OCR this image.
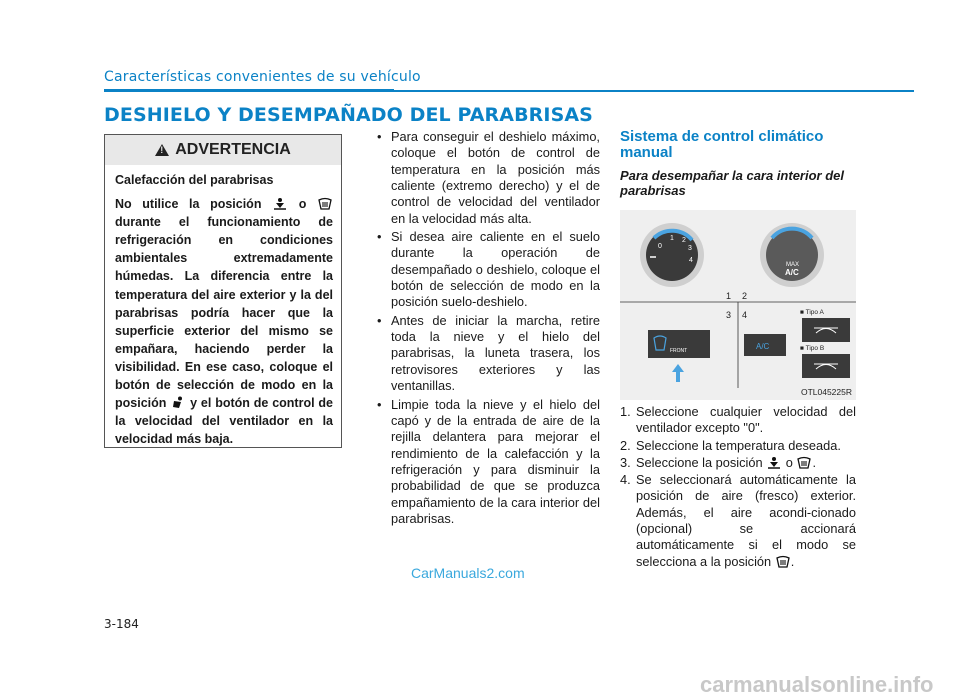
Características convenientes de su vehículo
DESHIELO Y DESEMPAÑADO DEL PARABRISAS
!
ADVERTENCIA

Calefacción del parabrisas

No utilice la posición	o  durante el funcionamiento de refrigeración en condiciones ambientales extremadamente húmedas. La diferencia entre la temperatura del aire exterior y la del parabrisas podría hacer que la superficie exterior del mismo se empañara, haciendo perder la visibilidad. En ese caso, coloque el botón de selección de modo en la posición y el botón de control de la velocidad del ventilador en la velocidad más baja.

• Para conseguir el deshielo máximo, coloque el botón de control de temperatura en la posición más caliente (extremo derecho) y el de control de velocidad del ventilador en la velocidad más alta.
• Si desea aire caliente en el suelo durante la operación de desempañado o deshielo, coloque el botón de selección de modo en la posición suelo-deshielo.
• Antes de iniciar la marcha, retire toda la nieve y el hielo del parabrisas, la luneta trasera, los retrovisores exteriores y las ventanillas.
• Limpie toda la nieve y el hielo del capó y de la entrada de aire de la rejilla delantera para mejorar el rendimiento de la calefacción y la refrigeración y para disminuir la probabilidad de que se produzca empañamiento de la cara interior del parabrisas.
Sistema de control climático manual
Para desempañar la cara interior del parabrisas
0
1 2
3
4
MAX
A/C
1 2
3 4
FRONT	A/C
■ Tipo A
■ Tipo B
OTL045225R
1. Seleccione cualquier velocidad del ventilador excepto "0".
2. Seleccione la temperatura deseada.
3. Seleccione la posición o .
4. Se seleccionará automáticamente la posición de aire (fresco) exterior. Además, el aire acondi-cionado (opcional) se accionará automáticamente si el modo se selecciona a la posición .
CarManuals2.com
3-184
carmanualsonline.info
